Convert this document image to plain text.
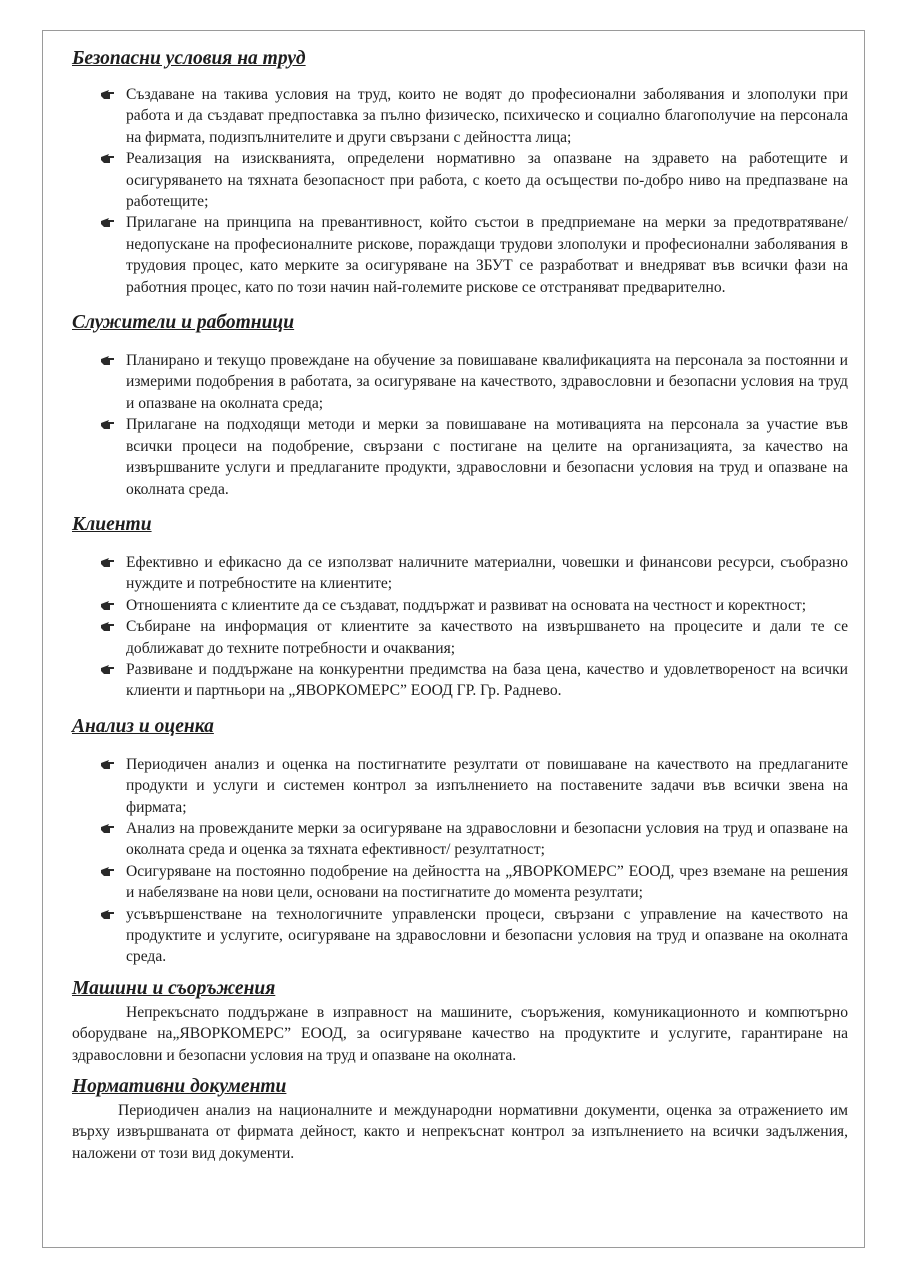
Безопасни условия на труд
Създаване на такива условия на труд, които не водят до професионални заболявания и злополуки при работа и да създават предпоставка за пълно физическо, психическо и социално благополучие на персонала на фирмата, подизпълнителите и други свързани с дейността лица;
Реализация на изискванията, определени нормативно за опазване на здравето на работещите и осигуряването на тяхната безопасност при работа, с което да осъществи по-добро ниво на предпазване на работещите;
Прилагане на принципа на превантивност, който състои в предприемане на мерки за предотвратяване/ недопускане на професионалните рискове, пораждащи трудови злополуки и професионални заболявания в трудовия процес, като мерките за осигуряване на ЗБУТ се разработват и внедряват във всички фази на работния процес, като по този начин най-големите рискове се отстраняват предварително.
Служители и работници
Планирано и текущо провеждане на обучение за повишаване квалификацията на персонала за постоянни и измерими подобрения в работата, за осигуряване на качеството, здравословни и безопасни условия на труд и опазване на околната среда;
Прилагане на подходящи методи и мерки за повишаване на мотивацията на персонала за участие във всички процеси на подобрение, свързани с постигане на целите на организацията, за качество на извършваните услуги и предлаганите продукти, здравословни и безопасни условия на труд и опазване на околната среда.
Клиенти
Ефективно и ефикасно да се използват наличните материални, човешки и финансови ресурси, съобразно нуждите и потребностите на клиентите;
Отношенията с клиентите да се създават, поддържат и развиват на основата на честност и коректност;
Събиране на информация от клиентите за качеството на извършването на процесите и дали те се доближават до техните потребности и очаквания;
Развиване и поддържане на конкурентни предимства на база цена, качество и удовлетвореност на всички клиенти и партньори на „ЯВОРКОМЕРС” ЕООД ГР. Гр. Раднево.
Анализ и оценка
Периодичен анализ и оценка на постигнатите резултати от повишаване на качеството на предлаганите продукти и услуги и системен контрол за изпълнението на поставените задачи във всички звена на фирмата;
Анализ на провежданите мерки за осигуряване на здравословни и безопасни условия на труд и опазване на околната среда и оценка за тяхната ефективност/ резултатност;
Осигуряване на постоянно подобрение на дейността на „ЯВОРКОМЕРС” ЕООД, чрез вземане на решения и набелязване на нови цели, основани на постигнатите до момента резултати;
усъвършенстване на технологичните управленски процеси, свързани с управление на качеството на продуктите и услугите, осигуряване на здравословни и безопасни условия на труд и опазване на околната среда.
Машини и съоръжения

Непрекъснато поддържане в изправност на машините, съоръжения, комуникационното и компютърно оборудване на„ЯВОРКОМЕРС” ЕООД, за осигуряване качество на продуктите и услугите, гарантиране на здравословни и безопасни условия на труд и опазване на околната.

Нормативни документи

Периодичен анализ на националните и международни нормативни документи, оценка за отражението им върху извършваната от фирмата дейност, както и непрекъснат контрол за изпълнението на всички задължения, наложени от този вид документи.
